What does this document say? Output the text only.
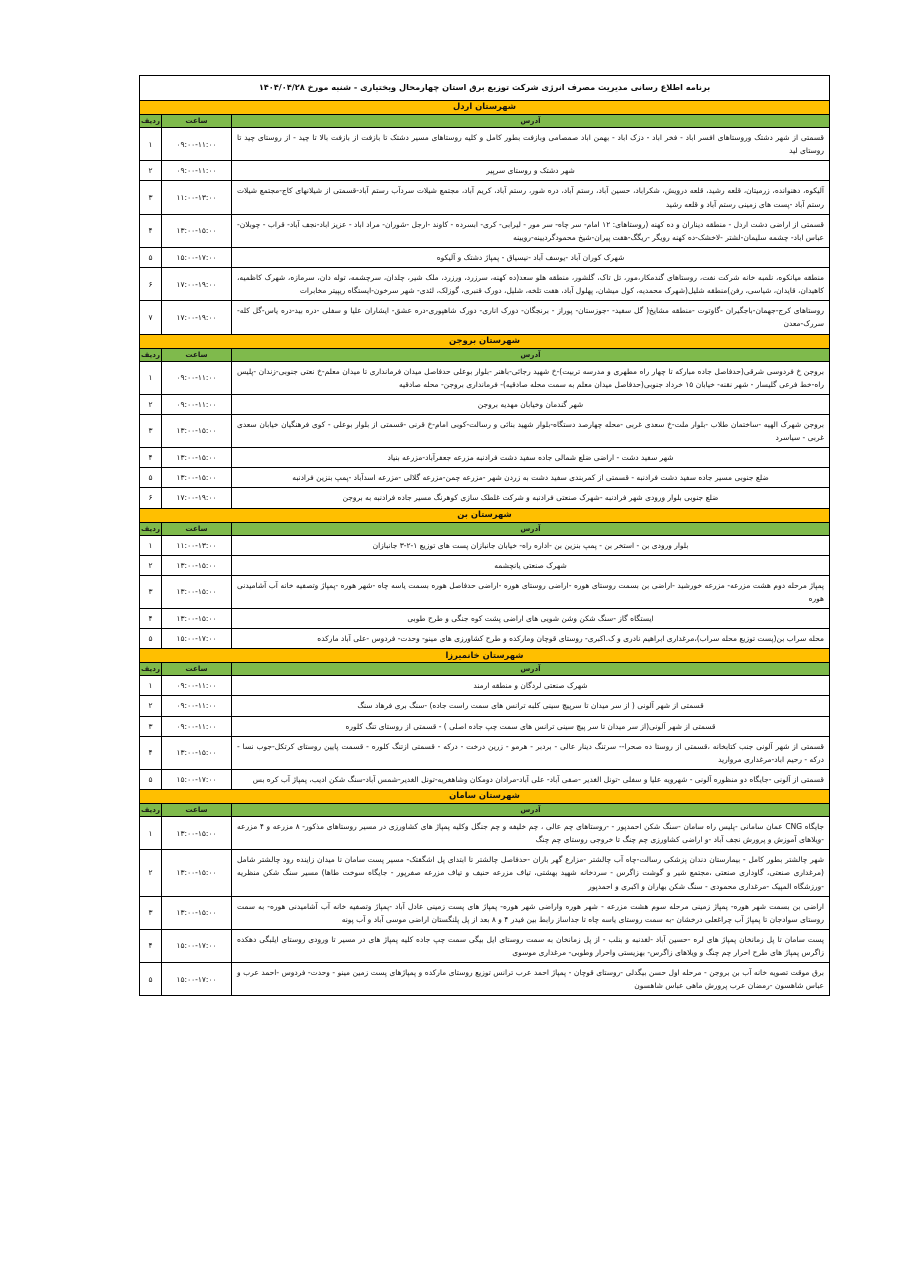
برنامه اطلاع رسانی مدیریت مصرف انرژی شرکت توزیع برق استان چهارمحال وبختیاری - شنبه مورخ ۱۴۰۴/۰۴/۲۸		
شهرستان اردل		
آدرس	ساعت	ردیف
قسمتی از شهر دشتک وروستاهای افسر اباد - فخر اباد - دزک اباد - بهمن اباد صمصامی وبازفت بطور کامل و کلیه روستاهای مسیر دشتک تا بازفت از بازفت بالا تا چید - از روستای چید تا روستای لید	۰۹:۰۰-۱۱:۰۰	۱
شهر دشتک و روستای سرپیر	۰۹:۰۰-۱۱:۰۰	۲
آلیکوه، دهنوانده، زرمیتان، قلعه رشید، قلعه درویش، شکراباد، حسین آباد، رستم آباد، دره شور، رستم آباد، کریم آباد، مجتمع شیلات سردآب رستم آباد-قسمتی از شیلانهای کاج-مجتمع شیلات رستم آباد -پست های زمینی رستم آباد و قلعه رشید	۱۱:۰۰-۱۳:۰۰	۳
قسمتی از اراضی دشت اردل - منطقه دیناران و ده کهنه (روستاهای: ۱۲ امام- سر چاه- سر مور - لیرابی- کری- ابسرده - کاوند -ارجل -شوران- مراد اباد - عزیز اباد-نجف آباد- قراب - چوبلان- عباس اباد- چشمه سلیمان-لشتر -لاخشک-ده کهنه رویگر -ریگگ-هفت پیران-شیخ محمودگردیینه-رویینه	۱۳:۰۰-۱۵:۰۰	۴
شهرک کوران آباد -یوسف آباد -نیسیاق - پمپاژ دشتک و آلیکوه	۱۵:۰۰-۱۷:۰۰	۵
منطقه میانکوه، نلمبه خانه شرکت نفت، روستاهای گندمکار،مور، تل تاک، گلشور، منطقه هلو سعد(ده کهنه، سرزرد، ورزرد، ملک شیر، چلدان، سرچشمه، توله دان، سرمازه، شهرک کاظمیه، کاهیدان، قایدان، شیاسی، رفن)منطقه شلیل(شهرک محمدیه، کول میشان، پهلول آباد، هفت تلخه، شلیل، دورک قنبری، گوزلک، لئدی- شهر سرخون-ایستگاه ریپیتر مخابرات	۱۷:۰۰-۱۹:۰۰	۶
روستاهای کرج-جهمان-باجگیران -گاوتوت -منطقه مشایخ( گل سفید- -جوزستان- پوراز - برنجگان- دورک اناری- دورک شاهپوری-دره عشق- ایشاران علیا و سفلی -دره بید-دره یاس-گل کله-سررک-معدن	۱۷:۰۰-۱۹:۰۰	۷
شهرستان بروجن		
آدرس	ساعت	ردیف
بروجن خ فردوسی شرقی(حدفاصل جاده مبارکه تا چهار راه مطهری و مدرسه تربیت)-خ شهید رجائی-باهنر -بلوار بوعلی حدفاصل میدان فرمانداری تا میدان معلم-خ نعتی جنوبی-زندان -پلیس راه-خط فرعی گلیسار - شهر نقنه- خیابان ۱۵ خرداد جنوبی(حدفاصل میدان معلم به سمت محله صادقیه)- فرمانداری بروجن- محله صادقیه	۰۹:۰۰-۱۱:۰۰	۱
شهر گندمان وخیابان مهدیه بروجن	۰۹:۰۰-۱۱:۰۰	۲
بروجن شهرک الهیه -ساختمان طلاب -بلوار ملت-خ سعدی غربی -محله چهارصد دستگاه-بلوار شهید بنائی و رسالت-کوبی امام-خ قرنی -قسمتی از بلوار بوعلی - کوی فرهنگیان خیابان سعدی غربی - سیاسرد	۱۳:۰۰-۱۵:۰۰	۳
شهر سفید دشت - اراضی ضلع شمالی جاده سفید دشت فرادنبه مزرعه جعفرآباد-مزرعه بنیاد	۱۳:۰۰-۱۵:۰۰	۴
ضلع جنوبی مسیر جاده سفید دشت فرادنبه - قسمتی از کمربندی سفید دشت به زردن شهر -مزرعه چمن-مزرعه گلالی -مزرعه اسدآباد -پمپ بنزین فرادنبه	۱۳:۰۰-۱۵:۰۰	۵
ضلع جنوبی بلوار ورودی شهر فرادنبه -شهرک صنعتی فرادنبه و شرکت غلطک سازی کوهرنگ مسیر جاده فرادنبه به بروجن	۱۷:۰۰-۱۹:۰۰	۶
شهرستان بن		
آدرس	ساعت	ردیف
بلوار ورودی بن - استخر بن - پمپ بنزین بن -اداره راه- خیابان جانبازان پست های توزیع ۱-۲-۳ جانبازان	۱۱:۰۰-۱۳:۰۰	۱
شهرک صنعتی یانچشمه	۱۳:۰۰-۱۵:۰۰	۲
پمپاژ مرحله دوم هشت مزرعه- مزرعه خورشید -اراضی بن بسمت روستای هوره -اراضی روستای هوره -اراضی حدفاصل هوره بسمت یاسه چاه -شهر هوره -پمپاژ وتصفیه خانه آب آشامیدنی هوره	۱۳:۰۰-۱۵:۰۰	۳
ایستگاه گاز -سنگ شکن وشن شویی های اراضی پشت کوه جنگی و طرح طوبی	۱۳:۰۰-۱۵:۰۰	۴
محله سراب بن(پست توزیع محله سراب)،مرغداری ابراهیم نادری و ک.اکبری- روستای قوچان ومارکده و طرح کشاورزی های مینو- وحدت- فردوس -علی آباد مارکده	۱۵:۰۰-۱۷:۰۰	۵
شهرستان خانمیرزا		
آدرس	ساعت	ردیف
شهرک صنعتی لردگان و منطقه ارمند	۰۹:۰۰-۱۱:۰۰	۱
قسمتی از شهر آلونی ( از سر میدان تا سرپیچ سینی کلبه ترانس های سمت راست جاده) -سنگ بری فرهاد سنگ	۰۹:۰۰-۱۱:۰۰	۲
قسمتی از شهر آلونی(از سر میدان تا سر پیچ سینی ترانس های سمت چپ جاده اصلی ) - قسمتی از روستای تنگ کلوره	۰۹:۰۰-۱۱:۰۰	۳
قسمتی از شهر آلونی جنب کتابخانه ،قسمتی از روستا ده صحرا-- سرتنگ دینار عالی - بردبر - هرمو - زرین درخت - درکه - قسمتی ازتنگ کلوره - قسمت پایین روستای کرتکل-جوب نسا - درکه - رحیم اباد-مرغداری مروارید	۱۳:۰۰-۱۵:۰۰	۴
قسمتی از آلونی -جایگاه دو منظوره آلونی - شهرویه علیا و سفلی -تونل الغدیر -صفی آباد- علی آباد-مرادان دومکان وشاهغریه-تونل الغدیر-شمس آباد-سنگ شکن ادیب، پمپاژ آب کره بس	۱۵:۰۰-۱۷:۰۰	۵
شهرستان سامان		
آدرس	ساعت	ردیف
جایگاه CNG عمان سامانی -پلیس راه سامان -سنگ شکن احمدپور - -روستاهای چم عالی ، چم خلیفه و چم جنگل وکلیه پمپاژ های کشاورزی در مسیر روستاهای مذکور- ۸ مزرعه و ۴ مزرعه -ویلاهای آموزش و پرورش نجف آباد -و اراضی کشاورزی چم چنگ تا خروجی روستای چم چنگ	۱۳:۰۰-۱۵:۰۰	۱
شهر چالشتر بطور کامل - بیمارستان دندان پزشکی رسالت-چاه آب چالشتر -مزارع گهر باران -حدفاصل چالشتر تا ابتدای پل اشگفتک- مسیر پست سامان تا میدان زاینده رود چالشتر شامل (مرغداری صنعتی، گاوداری صنعتی ،مجتمع شیر و گوشت زاگرس - سردخانه شهید بهشتی، تیاف مزرعه حنیف و تیاف مزرعه صفرپور - جایگاه سوخت طاها) مسیر سنگ شکن منظریه -ورزشگاه المپیک -مرغداری محمودی - سنگ شکن بهاران و اکبری و احمدپور	۱۳:۰۰-۱۵:۰۰	۲
اراضی بن بسمت شهر هوره- پمپاژ زمینی مرحله سوم هشت مزرعه - شهر هوره واراضی شهر هوره- پمپاژ های پست زمینی عادل آباد -پمپاژ وتصفیه خانه آب آشامیدنی هوره- به سمت روستای سوادجان تا پمپاژ آب چراغعلی درخشان -به سمت روستای یاسه چاه تا جداساز رابط بین فیدر ۴ و ۸ بعد از پل پلنگستان اراضی موسی آباد و آب پونه	۱۳:۰۰-۱۵:۰۰	۳
پست سامان تا پل زمانخان پمپاژ های لره -حسین آباد -لغدنبه و بنلب - از پل زمانخان به سمت روستای ایل بیگی سمت چپ جاده کلیه پمپاژ های در مسیر تا ورودی روستای ایلبگی دهکده زاگرس پمپاژ های طرح احرار چم چنگ و ویلاهای زاگرس- بهزیستی واحرار وطوبی- مرغداری موسوی	۱۵:۰۰-۱۷:۰۰	۴
برق موقت تصویه خانه آب بن بروجن - مرحله اول حسن بیگدلی -روستای قوچان - پمپاژ احمد عرب ترانس توزیع روستای مارکده و پمپاژهای پست زمین مینو - وحدت- فردوس -احمد عرب و عباس شاهسون -رمضان عرب پرورش ماهی عباس شاهسون	۱۵:۰۰-۱۷:۰۰	۵
